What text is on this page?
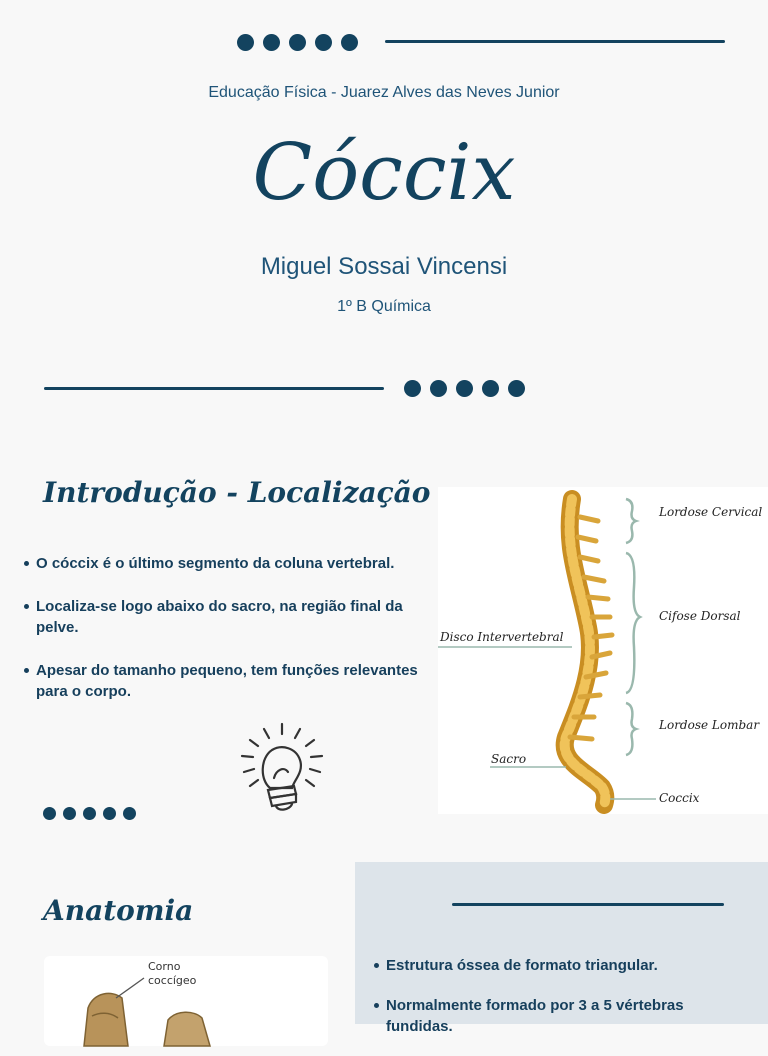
Educação Física - Juarez Alves das Neves Junior
Cóccix
Miguel Sossai Vincensi
1º B Química
Introdução - Localização
O cóccix é o último segmento da coluna vertebral.
Localiza-se logo abaixo do sacro, na região final da pelve.
Apesar do tamanho pequeno, tem funções relevantes para o corpo.
Lordose Cervical
Cifose Dorsal
Disco Intervertebral
Lordose Lombar
Sacro
Coccix
Anatomia
Corno
coccígeo
Estrutura óssea de formato triangular.
Normalmente formado por 3 a 5 vértebras fundidas.
